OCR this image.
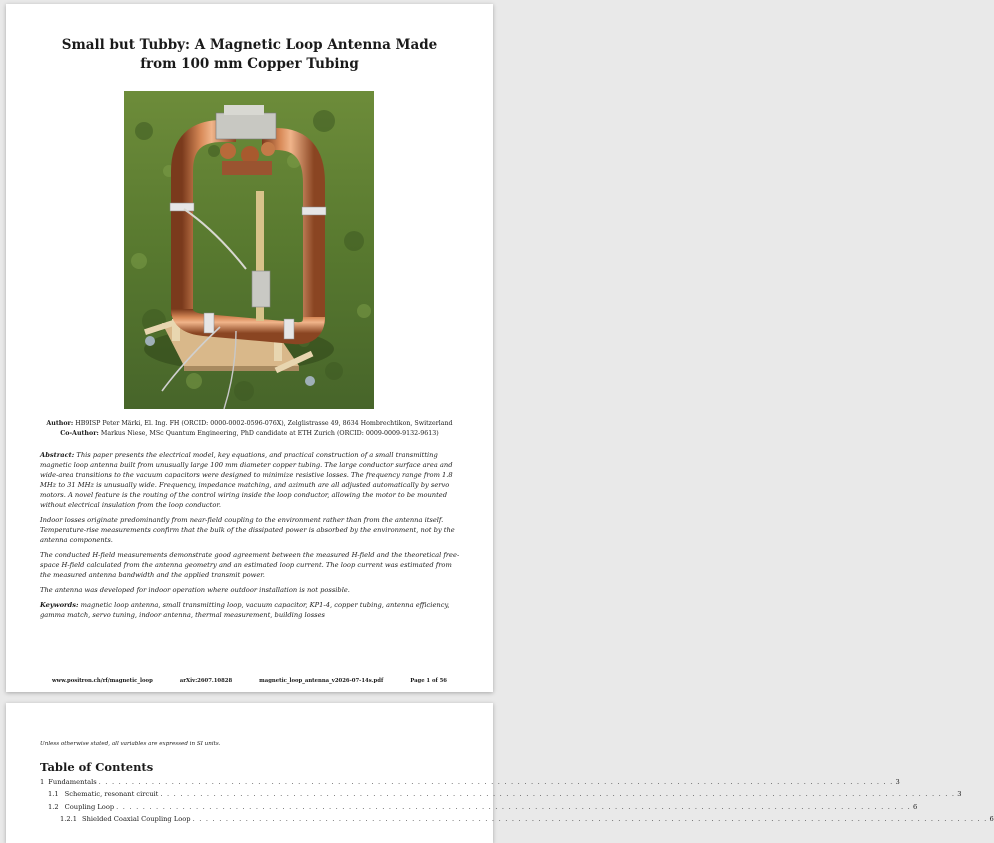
Small but Tubby: A Magnetic Loop Antenna Made from 100 mm Copper Tubing
Author: HB9ISP Peter Märki, El. Ing. FH (ORCID: 0000-0002-0596-076X), Zelglistrasse 49, 8634 Hombrechtikon, Switzerland
Co-Author: Markus Niese, MSc Quantum Engineering, PhD candidate at ETH Zurich (ORCID: 0009-0009-9132-9613)

Abstract: This paper presents the electrical model, key equations, and practical construction of a small transmitting magnetic loop antenna built from unusually large 100 mm diameter copper tubing. The large conductor surface area and wide-area transitions to the vacuum capacitors were designed to minimize resistive losses. The frequency range from 1.8 MHz to 31 MHz is unusually wide. Frequency, impedance matching, and azimuth are all adjusted automatically by servo motors. A novel feature is the routing of the control wiring inside the loop conductor, allowing the motor to be mounted without electrical insulation from the loop conductor.

Indoor losses originate predominantly from near-field coupling to the environment rather than from the antenna itself. Temperature-rise measurements confirm that the bulk of the dissipated power is absorbed by the environment, not by the antenna components.

The conducted H-field measurements demonstrate good agreement between the measured H-field and the theoretical free-space H-field calculated from the antenna geometry and an estimated loop current. The loop current was estimated from the measured antenna bandwidth and the applied transmit power.

The antenna was developed for indoor operation where outdoor installation is not possible.

Keywords: magnetic loop antenna, small transmitting loop, vacuum capacitor, KP1-4, copper tubing, antenna efficiency, gamma match, servo tuning, indoor antenna, thermal measurement, building losses

www.positron.ch/rf/magnetic_loop	arXiv:2607.10828	magnetic_loop_antenna_v2026-07-14s.pdf	Page 1 of 56
Unless otherwise stated, all variables are expressed in SI units.
Table of Contents
1 Fundamentals . . . . . . . . . . . . . . . . . . . . . . . . . . . . . . . . . . . . . . . . . . . . . . . . . . . . . . . . . . . . . . . . . . . . . . . . . . . . . . . . . . . . . . . . . . . . . . . . . . . . . . . . . . . . . . . . . . . . . . . . 3
1.1 Schematic, resonant circuit . . . . . . . . . . . . . . . . . . . . . . . . . . . . . . . . . . . . . . . . . . . . . . . . . . . . . . . . . . . . . . . . . . . . . . . . . . . . . . . . . . . . . . . . . . . . . . . . . . . . . . . . . . . . . . . . . . . . . . . . 3
1.2 Coupling Loop . . . . . . . . . . . . . . . . . . . . . . . . . . . . . . . . . . . . . . . . . . . . . . . . . . . . . . . . . . . . . . . . . . . . . . . . . . . . . . . . . . . . . . . . . . . . . . . . . . . . . . . . . . . . . . . . . . . . . . . . 6
1.2.1 Shielded Coaxial Coupling Loop . . . . . . . . . . . . . . . . . . . . . . . . . . . . . . . . . . . . . . . . . . . . . . . . . . . . . . . . . . . . . . . . . . . . . . . . . . . . . . . . . . . . . . . . . . . . . . . . . . . . . . . . . . . . . . . . . . . . . . . . 6
